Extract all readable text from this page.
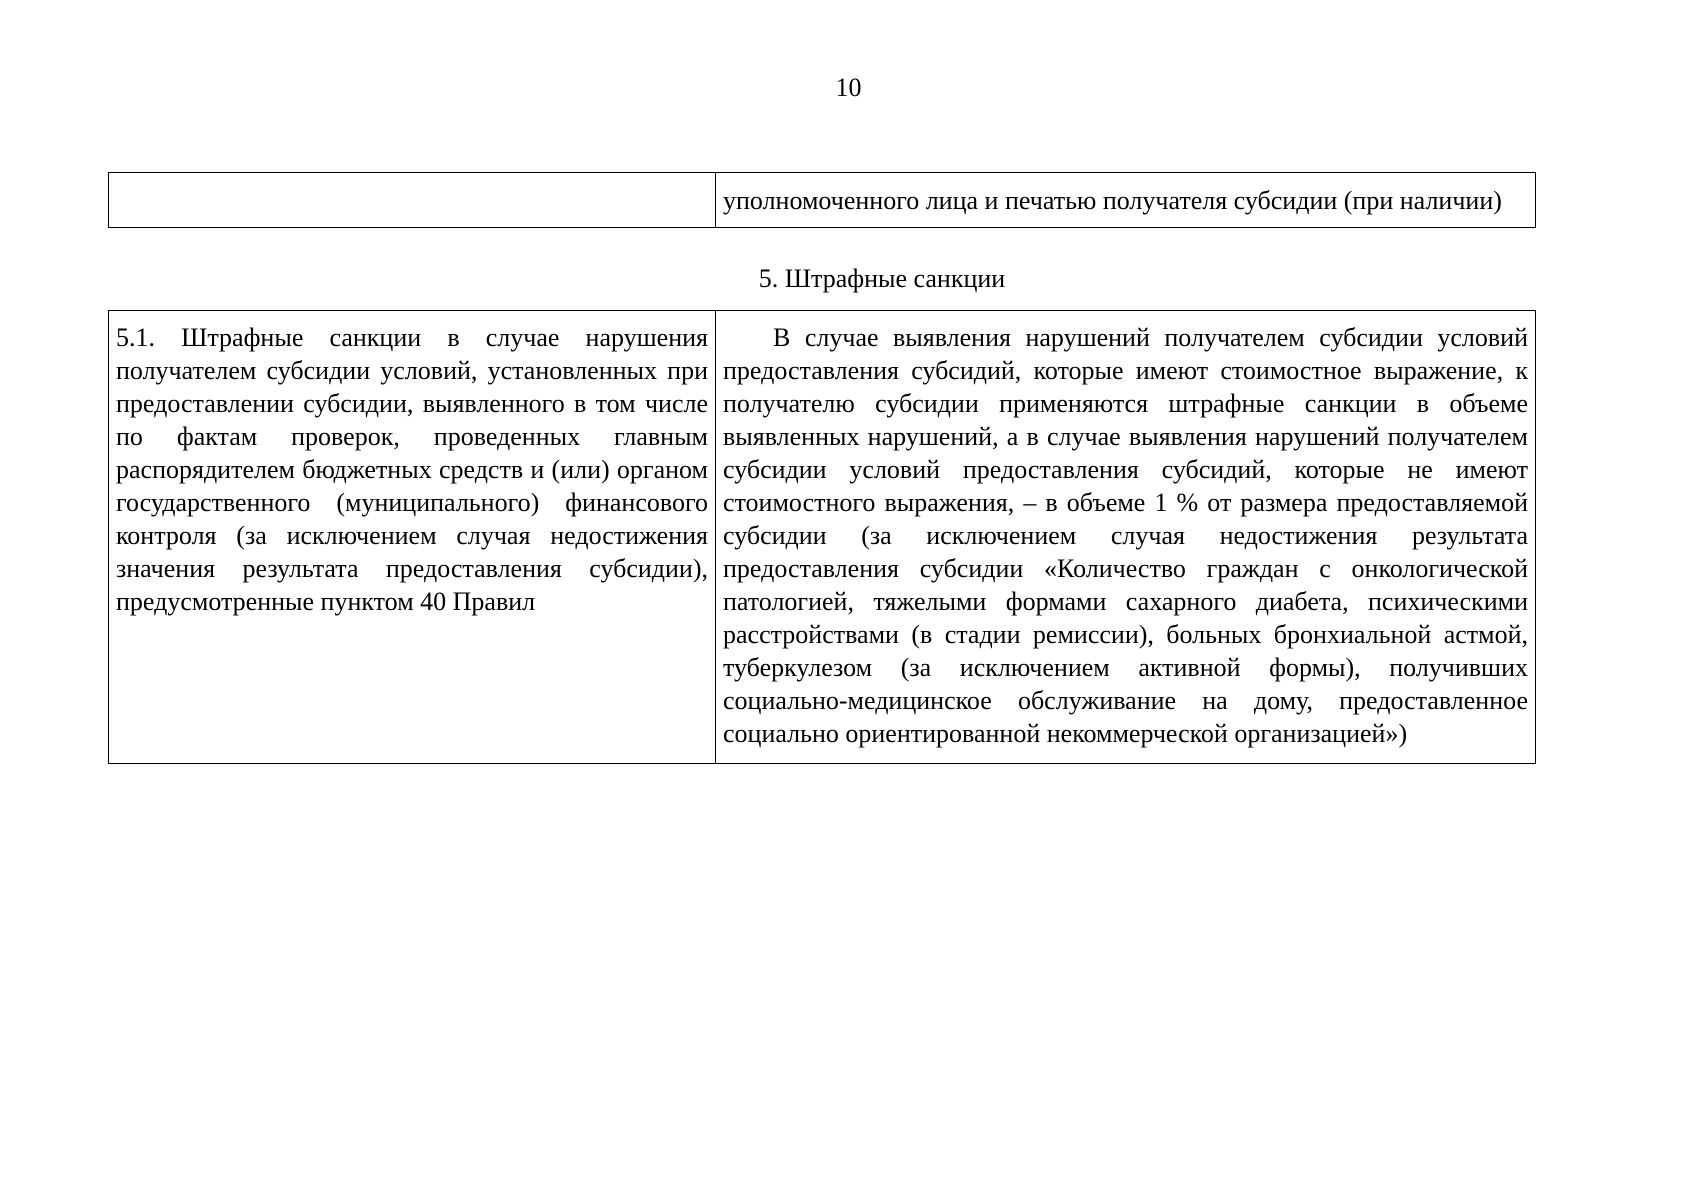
10
	уполномоченного лица и печатью получателя субсидии (при наличии)
5. Штрафные санкции
5.1. Штрафные санкции в случае нарушения получателем субсидии условий, установленных при предоставлении субсидии, выявленного в том числе по фактам проверок, проведенных главным распорядителем бюджетных средств и (или) органом государственного (муниципального) финансового контроля (за исключением случая недостижения значения результата предоставления субсидии), предусмотренные пунктом 40 Правил	В случае выявления нарушений получателем субсидии условий предоставления субсидий, которые имеют стоимостное выражение, к получателю субсидии применяются штрафные санкции в объеме выявленных нарушений, а в случае выявления нарушений получателем субсидии условий предоставления субсидий, которые не имеют стоимостного выражения, – в объеме 1 % от размера предоставляемой субсидии (за исключением случая недостижения результата предоставления субсидии «Количество граждан с онкологической патологией, тяжелыми формами сахарного диабета, психическими расстройствами (в стадии ремиссии), больных бронхиальной астмой, туберкулезом (за исключением активной формы), получивших социально-медицинское обслуживание на дому, предоставленное социально ориентированной некоммерческой организацией»)
